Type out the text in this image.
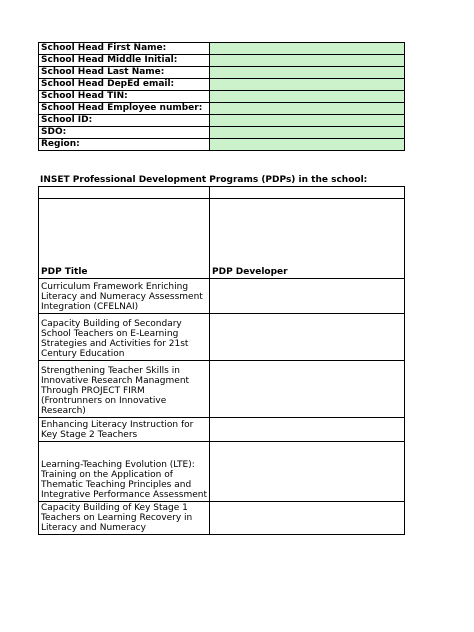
School Head First Name:	
School Head Middle Initial:	
School Head Last Name:	
School Head DepEd email:	
School Head TIN:	
School Head Employee number:	
School ID:	
SDO:	
Region:	
INSET Professional Development Programs (PDPs) in the school:

PDP Title	PDP Developer
Curriculum Framework Enriching Literacy and Numeracy Assessment Integration (CFELNAI)	
Capacity Building of Secondary School Teachers on E-Learning Strategies and Activities for 21st Century Education	
Strengthening Teacher Skills in Innovative Research Managment Through PROJECT FIRM (Frontrunners on Innovative Research)	
Enhancing Literacy Instruction for Key Stage 2 Teachers	
Learning-Teaching Evolution (LTE): Training on the Application of Thematic Teaching Principles and Integrative Performance Assessment	
Capacity Building of Key Stage 1 Teachers on Learning Recovery in Literacy and Numeracy	
